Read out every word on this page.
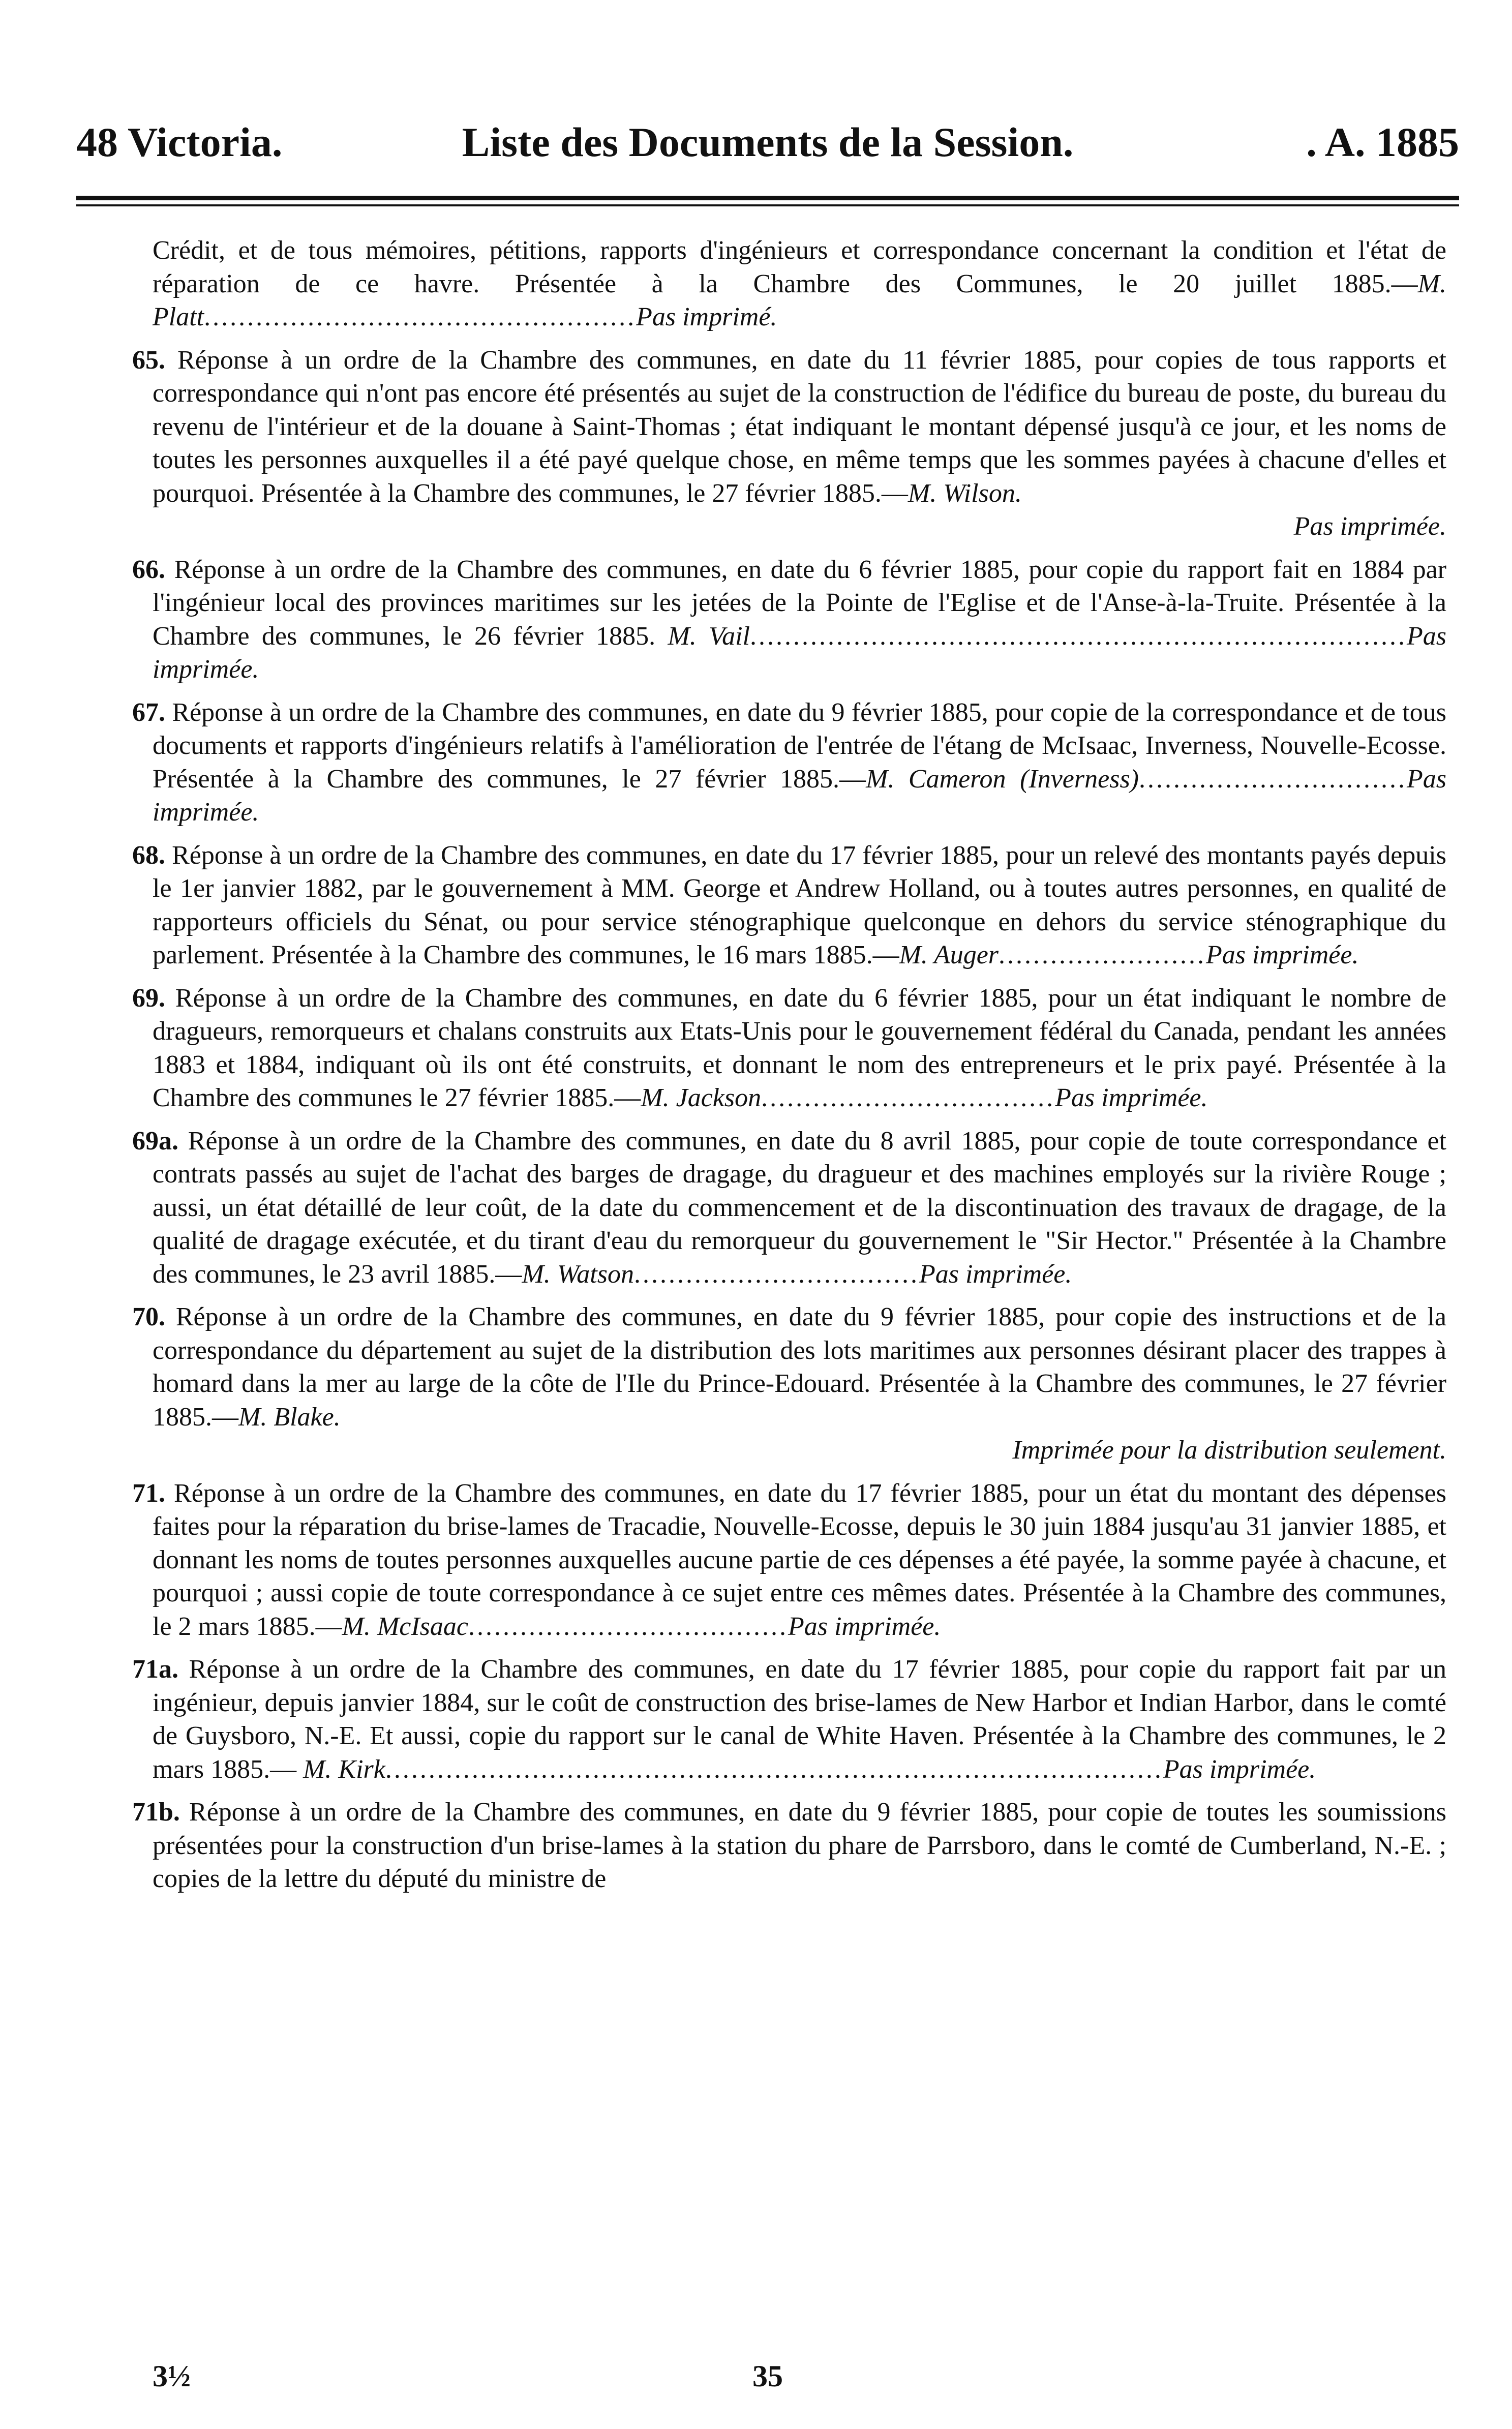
48 Victoria.	Liste des Documents de la Session.	. A. 1885

Crédit, et de tous mémoires, pétitions, rapports d'ingénieurs et correspondance concernant la condition et l'état de réparation de ce havre. Présentée à la Chambre des Communes, le 20 juillet 1885.—M. Platt..................................................Pas imprimé.

65 . Réponse à un ordre de la Chambre des communes, en date du 11 février 1885, pour copies de tous rapports et correspondance qui n'ont pas encore été présentés au sujet de la construction de l'édifice du bureau de poste, du bureau du revenu de l'intérieur et de la douane à Saint-Thomas ; état indiquant le montant dépensé jusqu'à ce jour, et les noms de toutes les personnes auxquelles il a été payé quelque chose, en même temps que les sommes payées à chacune d'elles et pourquoi. Présentée à la Chambre des communes, le 27 février 1885.—M. Wilson.
Pas imprimée.

66 . Réponse à un ordre de la Chambre des communes, en date du 6 février 1885, pour copie du rapport fait en 1884 par l'ingénieur local des provinces maritimes sur les jetées de la Pointe de l'Eglise et de l'Anse-à-la-Truite. Présentée à la Chambre des communes, le 26 février 1885. M. Vail............................................................................Pas imprimée.

67 . Réponse à un ordre de la Chambre des communes, en date du 9 février 1885, pour copie de la correspondance et de tous documents et rapports d'ingénieurs relatifs à l'amélioration de l'entrée de l'étang de McIsaac, Inverness, Nouvelle-Ecosse. Présentée à la Chambre des communes, le 27 février 1885.—M. Cameron (Inverness)...............................Pas imprimée.

68 . Réponse à un ordre de la Chambre des communes, en date du 17 février 1885, pour un relevé des montants payés depuis le 1er janvier 1882, par le gouvernement à MM. George et Andrew Holland, ou à toutes autres personnes, en qualité de rapporteurs officiels du Sénat, ou pour service sténographique quelconque en dehors du service sténographique du parlement. Présentée à la Chambre des communes, le 16 mars 1885.—M. Auger........................Pas imprimée.

69 . Réponse à un ordre de la Chambre des communes, en date du 6 février 1885, pour un état indiquant le nombre de dragueurs, remorqueurs et chalans construits aux Etats-Unis pour le gouvernement fédéral du Canada, pendant les années 1883 et 1884, indiquant où ils ont été construits, et donnant le nom des entrepreneurs et le prix payé. Présentée à la Chambre des communes le 27 février 1885.—M. Jackson..................................Pas imprimée.

69a . Réponse à un ordre de la Chambre des communes, en date du 8 avril 1885, pour copie de toute correspondance et contrats passés au sujet de l'achat des barges de dragage, du dragueur et des machines employés sur la rivière Rouge ; aussi, un état détaillé de leur coût, de la date du commencement et de la discontinuation des travaux de dragage, de la qualité de dragage exécutée, et du tirant d'eau du remorqueur du gouvernement le "Sir Hector." Présentée à la Chambre des communes, le 23 avril 1885.—M. Watson.................................Pas imprimée.

70 . Réponse à un ordre de la Chambre des communes, en date du 9 février 1885, pour copie des instructions et de la correspondance du département au sujet de la distribution des lots maritimes aux personnes désirant placer des trappes à homard dans la mer au large de la côte de l'Ile du Prince-Edouard. Présentée à la Chambre des communes, le 27 février 1885.—M. Blake.
Imprimée pour la distribution seulement.

71 . Réponse à un ordre de la Chambre des communes, en date du 17 février 1885, pour un état du montant des dépenses faites pour la réparation du brise-lames de Tracadie, Nouvelle-Ecosse, depuis le 30 juin 1884 jusqu'au 31 janvier 1885, et donnant les noms de toutes personnes auxquelles aucune partie de ces dépenses a été payée, la somme payée à chacune, et pourquoi ; aussi copie de toute correspondance à ce sujet entre ces mêmes dates. Présentée à la Chambre des communes, le 2 mars 1885.—M. McIsaac.....................................Pas imprimée.

71a . Réponse à un ordre de la Chambre des communes, en date du 17 février 1885, pour copie du rapport fait par un ingénieur, depuis janvier 1884, sur le coût de construction des brise-lames de New Harbor et Indian Harbor, dans le comté de Guysboro, N.-E. Et aussi, copie du rapport sur le canal de White Haven. Présentée à la Chambre des communes, le 2 mars 1885.— M. Kirk..........................................................................................Pas imprimée.

71b . Réponse à un ordre de la Chambre des communes, en date du 9 février 1885, pour copie de toutes les soumissions présentées pour la construction d'un brise-lames à la station du phare de Parrsboro, dans le comté de Cumberland, N.-E. ; copies de la lettre du député du ministre de

3½	35
